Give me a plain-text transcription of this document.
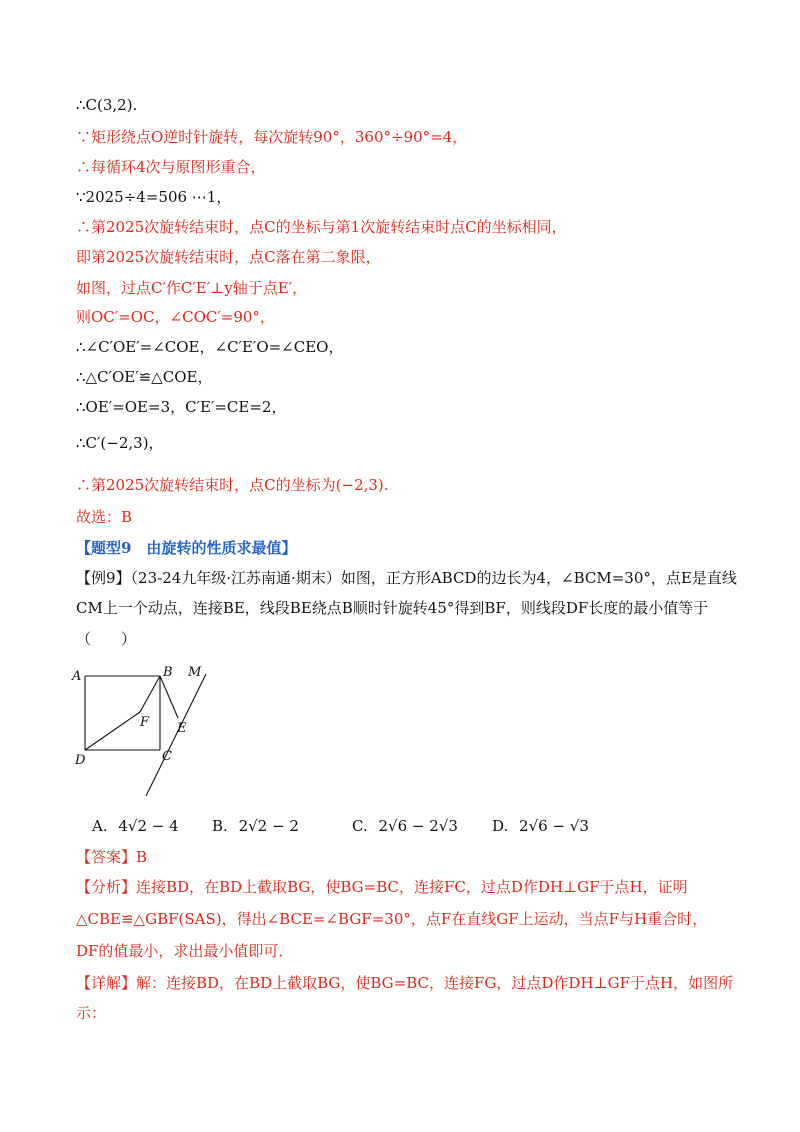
∴C(3,2).
∵矩形绕点O逆时针旋转，每次旋转90°，360°÷90°=4，
∴每循环4次与原图形重合，
∵2025÷4=506 ⋯1，
∴第2025次旋转结束时，点C的坐标与第1次旋转结束时点C的坐标相同，
即第2025次旋转结束时，点C落在第二象限，
如图，过点C′作C′E′⊥y轴于点E′，
则OC′=OC，∠COC′=90°，
∴∠C′OE′=∠COE，∠C′E′O=∠CEO，
∴△C′OE′≌△COE，
∴OE′=OE=3，C′E′=CE=2，
∴C′(−2,3)，
∴第2025次旋转结束时，点C的坐标为(−2,3).
故选：B
【题型9　由旋转的性质求最值】
【例9】（23-24九年级·江苏南通·期末）如图，正方形ABCD的边长为4，∠BCM=30°，点E是直线
CM上一个动点，连接BE，线段BE绕点B顺时针旋转45°得到BF，则线段DF长度的最小值等于
（　　）
A	B M
F E
D	C
A. 4√2 − 4 B. 2√2 − 2	C. 2√6 − 2√3 D. 2√6 − √3
【答案】B
【分析】连接BD，在BD上截取BG，使BG=BC，连接FC，过点D作DH⊥GF于点H，证明
△CBE≌△GBF(SAS)，得出∠BCE=∠BGF=30°，点F在直线GF上运动，当点F与H重合时，
DF的值最小，求出最小值即可．
【详解】解：连接BD，在BD上截取BG，使BG=BC，连接FG，过点D作DH⊥GF于点H，如图所
示：
